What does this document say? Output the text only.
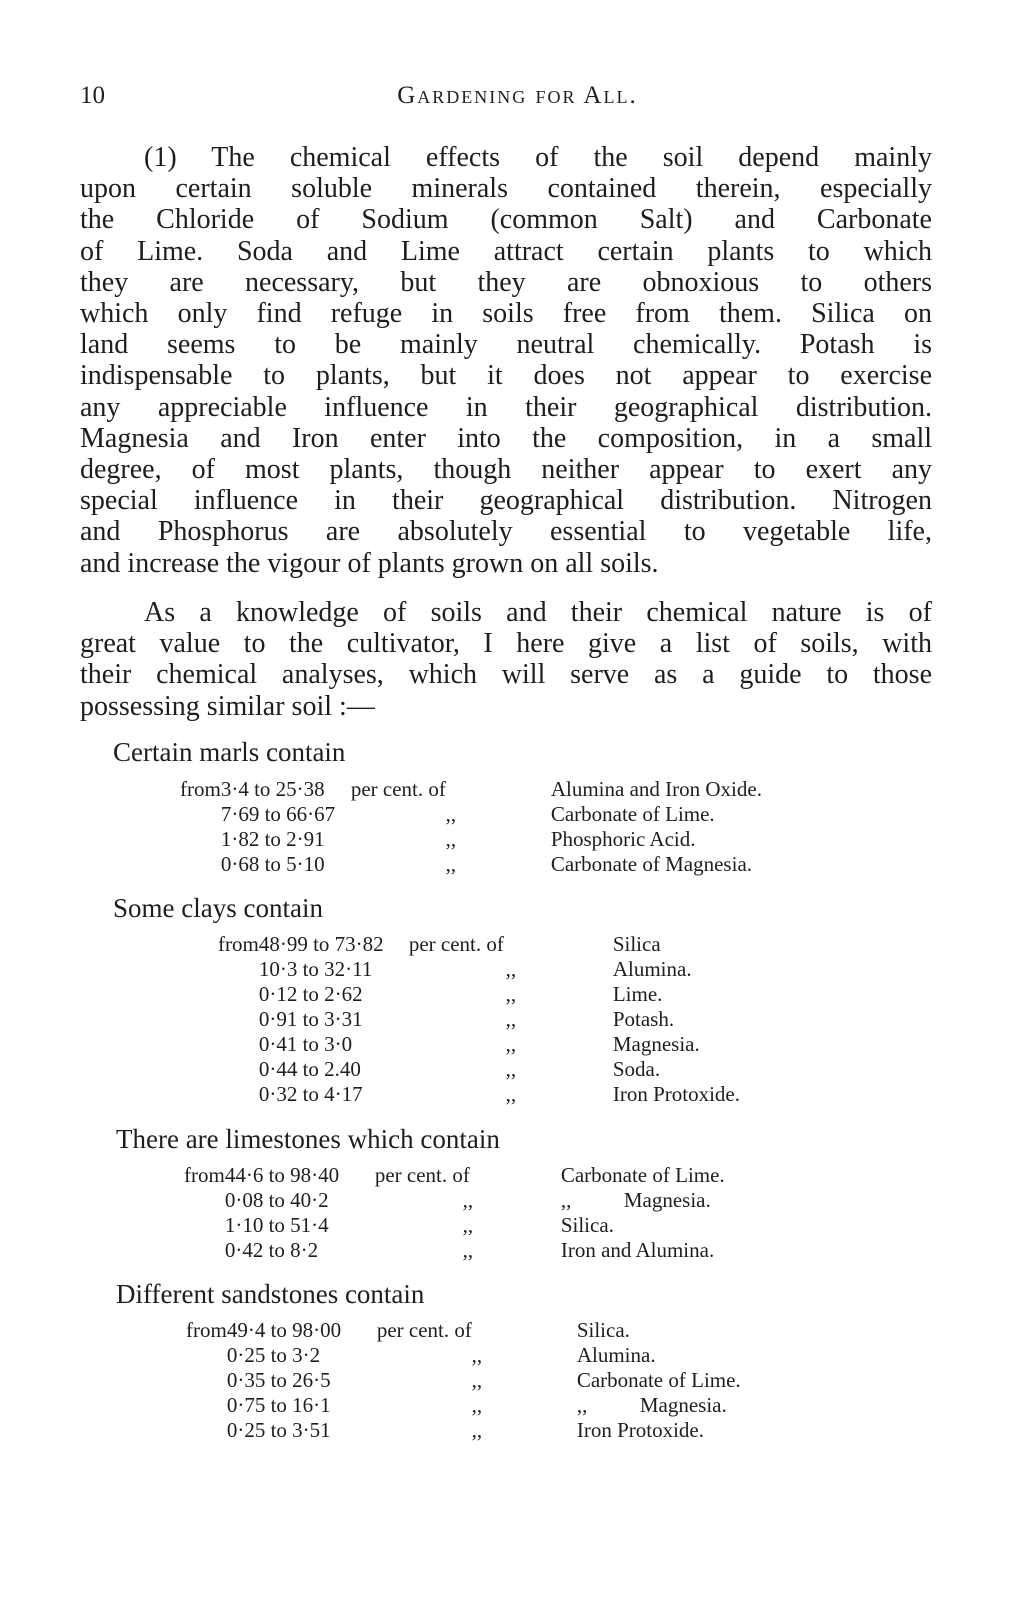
10	Gardening for All.
(1) The chemical effects of the soil depend mainly
upon certain soluble minerals contained therein, especially
the Chloride of Sodium (common Salt) and Carbonate
of Lime. Soda and Lime attract certain plants to which
they are necessary, but they are obnoxious to others
which only find refuge in soils free from them. Silica on
land seems to be mainly neutral chemically. Potash is
indispensable to plants, but it does not appear to exercise
any appreciable influence in their geographical distribution.
Magnesia and Iron enter into the composition, in a small
degree, of most plants, though neither appear to exert any
special influence in their geographical distribution. Nitrogen
and Phosphorus are absolutely essential to vegetable life,
and increase the vigour of plants grown on all soils.
As a knowledge of soils and their chemical nature is of
great value to the cultivator, I here give a list of soils, with
their chemical analyses, which will serve as a guide to those
possessing similar soil :—
Certain marls contain
from	3·4 to 25·38	per cent. of	Alumina and Iron Oxide.
	7·69 to 66·67	,,	Carbonate of Lime.
	1·82 to 2·91	,,	Phosphoric Acid.
	0·68 to 5·10	,,	Carbonate of Magnesia.
Some clays contain
from	48·99 to 73·82	per cent. of	Silica
	10·3 to 32·11	,,	Alumina.
	0·12 to 2·62	,,	Lime.
	0·91 to 3·31	,,	Potash.
	0·41 to 3·0	,,	Magnesia.
	0·44 to 2.40	,,	Soda.
	0·32 to 4·17	,,	Iron Protoxide.
There are limestones which contain
from	44·6 to 98·40	per cent. of	Carbonate of Lime.
	0·08 to 40·2	,,	,,          Magnesia.
	1·10 to 51·4	,,	Silica.
	0·42 to 8·2	,,	Iron and Alumina.
Different sandstones contain
from	49·4 to 98·00	per cent. of	Silica.
	0·25 to 3·2	,,	Alumina.
	0·35 to 26·5	,,	Carbonate of Lime.
	0·75 to 16·1	,,	,,          Magnesia.
	0·25 to 3·51	,,	Iron Protoxide.
